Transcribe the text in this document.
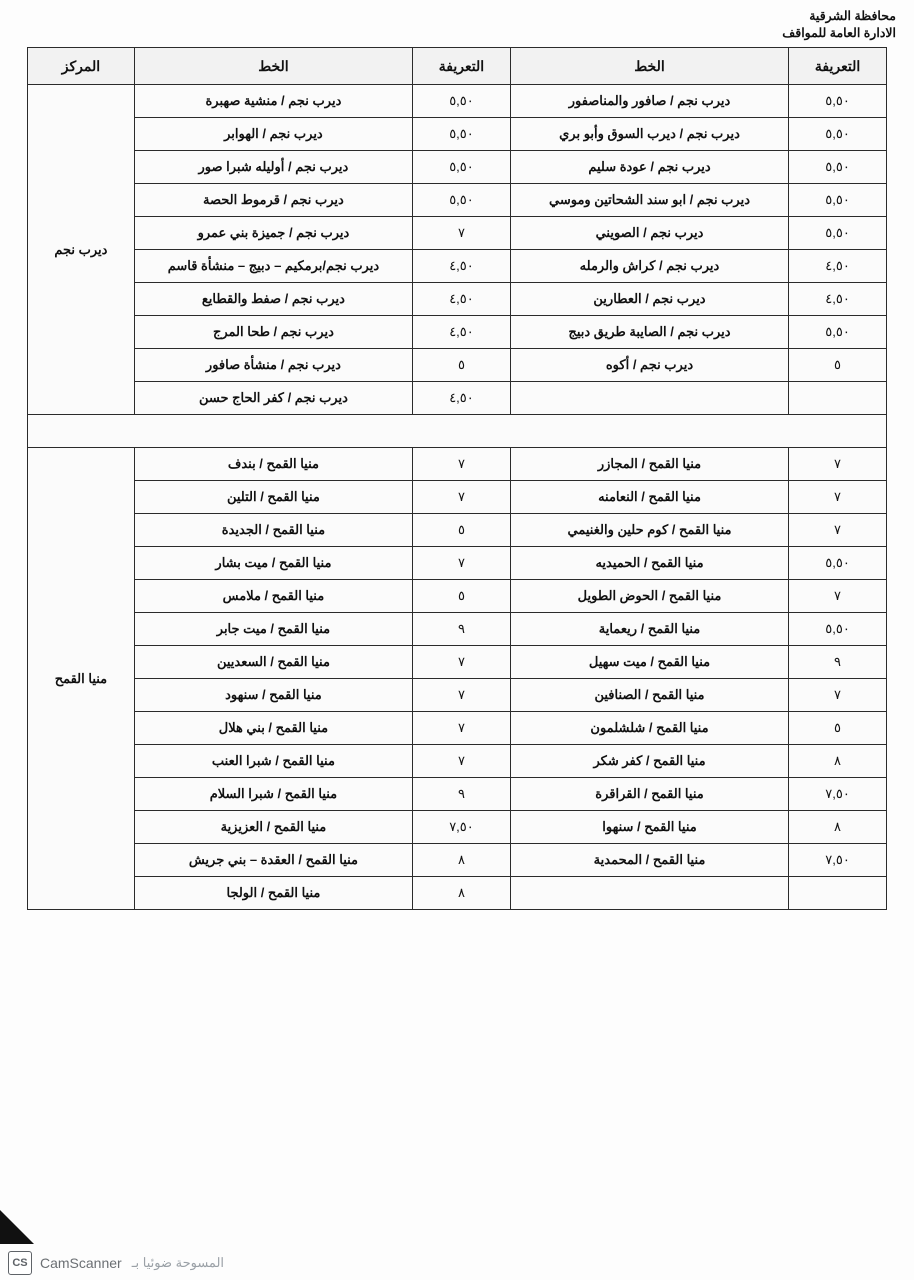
محافظة الشرقية
الادارة العامة للمواقف
التعريفة	الخط	التعريفة	الخط	المركز
٥,٥٠	ديرب نجم / صافور والمناصفور	٥,٥٠	ديرب نجم / منشية صهبرة	ديرب نجم
٥,٥٠	ديرب نجم / ديرب السوق وأبو بري	٥,٥٠	ديرب نجم / الهوابر	
٥,٥٠	ديرب نجم / عودة سليم	٥,٥٠	ديرب نجم / أوليله شبرا صور	
٥,٥٠	ديرب نجم / ابو سند الشحاتين وموسي	٥,٥٠	ديرب نجم / قرموط الحصة	
٥,٥٠	ديرب نجم / الصويني	٧	ديرب نجم / جميزة بني عمرو	
٤,٥٠	ديرب نجم / كراش والرمله	٤,٥٠	ديرب نجم/برمكيم – دبيج – منشأة قاسم	
٤,٥٠	ديرب نجم / العطارين	٤,٥٠	ديرب نجم / صفط والقطايع	
٥,٥٠	ديرب نجم / الصايبة طريق دبيج	٤,٥٠	ديرب نجم / طحا المرج	
٥	ديرب نجم / أكوه	٥	ديرب نجم / منشأة صافور	
		٤,٥٠	ديرب نجم / كفر الحاج حسن	

٧	منيا القمح / المجازر	٧	منيا القمح / بندف	منيا القمح
٧	منيا القمح / النعامنه	٧	منيا القمح / التلين	
٧	منيا القمح / كوم حلين والغنيمي	٥	منيا القمح / الجديدة	
٥,٥٠	منيا القمح / الحميديه	٧	منيا القمح / ميت بشار	
٧	منيا القمح / الحوض الطويل	٥	منيا القمح / ملامس	
٥,٥٠	منيا القمح / ريعماية	٩	منيا القمح / ميت جابر	
٩	منيا القمح / ميت سهيل	٧	منيا القمح / السعديين	
٧	منيا القمح / الصنافين	٧	منيا القمح / سنهود	
٥	منيا القمح / شلشلمون	٧	منيا القمح / بني هلال	
٨	منيا القمح / كفر شكر	٧	منيا القمح / شبرا العنب	
٧,٥٠	منيا القمح / القراقرة	٩	منيا القمح / شبرا السلام	
٨	منيا القمح / سنهوا	٧,٥٠	منيا القمح / العزيزية	
٧,٥٠	منيا القمح / المحمدية	٨	منيا القمح / العقدة – بني جريش	
		٨	منيا القمح / الولجا	
CS CamScanner المسوحة ضوئيا بـ
